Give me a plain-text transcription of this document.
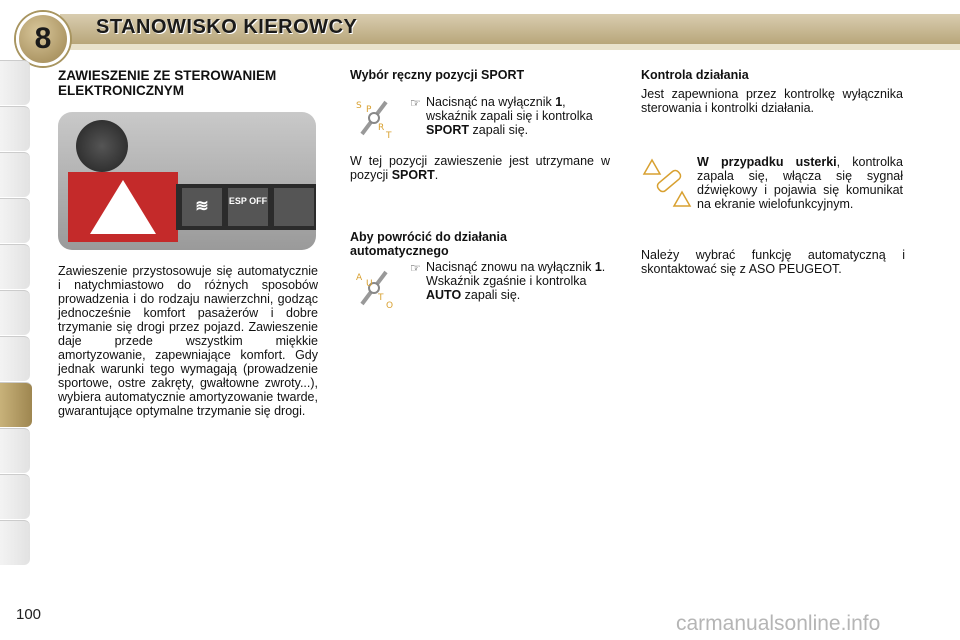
8	STANOWISKO KIEROWCY
ZAWIESZENIE ZE STEROWANIEM ELEKTRONICZNYM
≋	ESP OFF

Zawieszenie przystosowuje się automatycznie i natychmiastowo do różnych sposobów prowadzenia i do rodzaju nawierzchni, godząc jednocześnie komfort pasażerów i dobre trzymanie się drogi przez pojazd. Zawieszenie daje przede wszystkim miękkie amortyzowanie, zapewniające komfort. Gdy jednak warunki tego wymagają (prowadzenie sportowe, ostre zakręty, gwałtowne zwroty...), wybiera automatycznie amortyzowanie twarde, gwarantujące optymalne trzymanie się drogi.

Wybór ręczny pozycji SPORT
S P
R
T
☞ Nacisnąć na wyłącznik 1, wskaźnik zapali się i kontrolka SPORT zapali się.

W tej pozycji zawieszenie jest utrzymane w pozycji SPORT.

Aby powrócić do działania automatycznego
A
U
T
O
☞ Nacisnąć znowu na wyłącznik 1. Wskaźnik zgaśnie i kontrolka AUTO zapali się.

Kontrola działania

Jest zapewniona przez kontrolkę wyłącznika sterowania i kontrolki działania.

W przypadku usterki, kontrolka zapala się, włącza się sygnał dźwiękowy i pojawia się komunikat na ekranie wielofunkcyjnym.

Należy wybrać funkcję automatyczną i skontaktować się z ASO PEUGEOT.

100	carmanualsonline.info
